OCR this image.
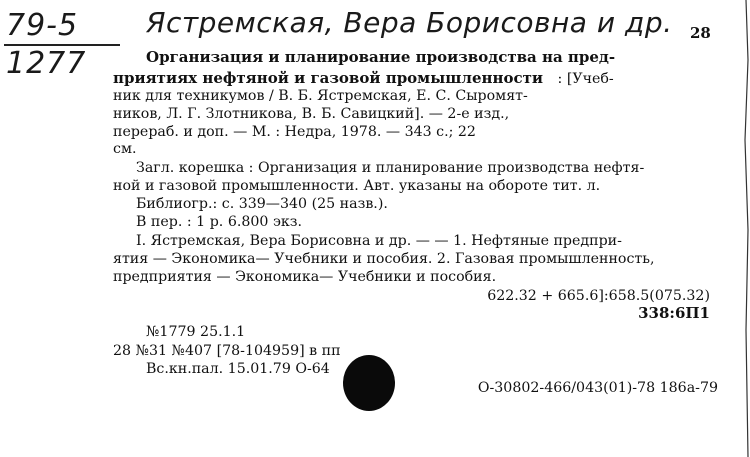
79-5
1277
Ястремская, Вера Борисовна и др. 28
Организация и планирование производства на пред-
приятиях нефтяной и газовой промышленности : [Учеб-
ник для техникумов / В. Б. Ястремская, Е. С. Сыромят-
ников, Л. Г. Злотникова, В. Б. Савицкий]. — 2-е изд.,
перераб. и доп. — М. : Недра, 1978. — 343 с.; 22
см.
Загл. корешка : Организация и планирование производства нефтя-
ной и газовой промышленности. Авт. указаны на обороте тит. л.
Библиогр.: с. 339—340 (25 назв.).
В пер. : 1 р. 6.800 экз.
I. Ястремская, Вера Борисовна и др. — — 1. Нефтяные предпри-
ятия — Экономика— Учебники и пособия. 2. Газовая промышленность,
предприятия — Экономика— Учебники и пособия.
622.32 + 665.6]:658.5(075.32)
338:6П1
№1779 25.1.1
28 №31 №407 [78-104959] в пп
Вс.кн.пал. 15.01.79 О-64
О-30802-466/043(01)-78 186а-79
